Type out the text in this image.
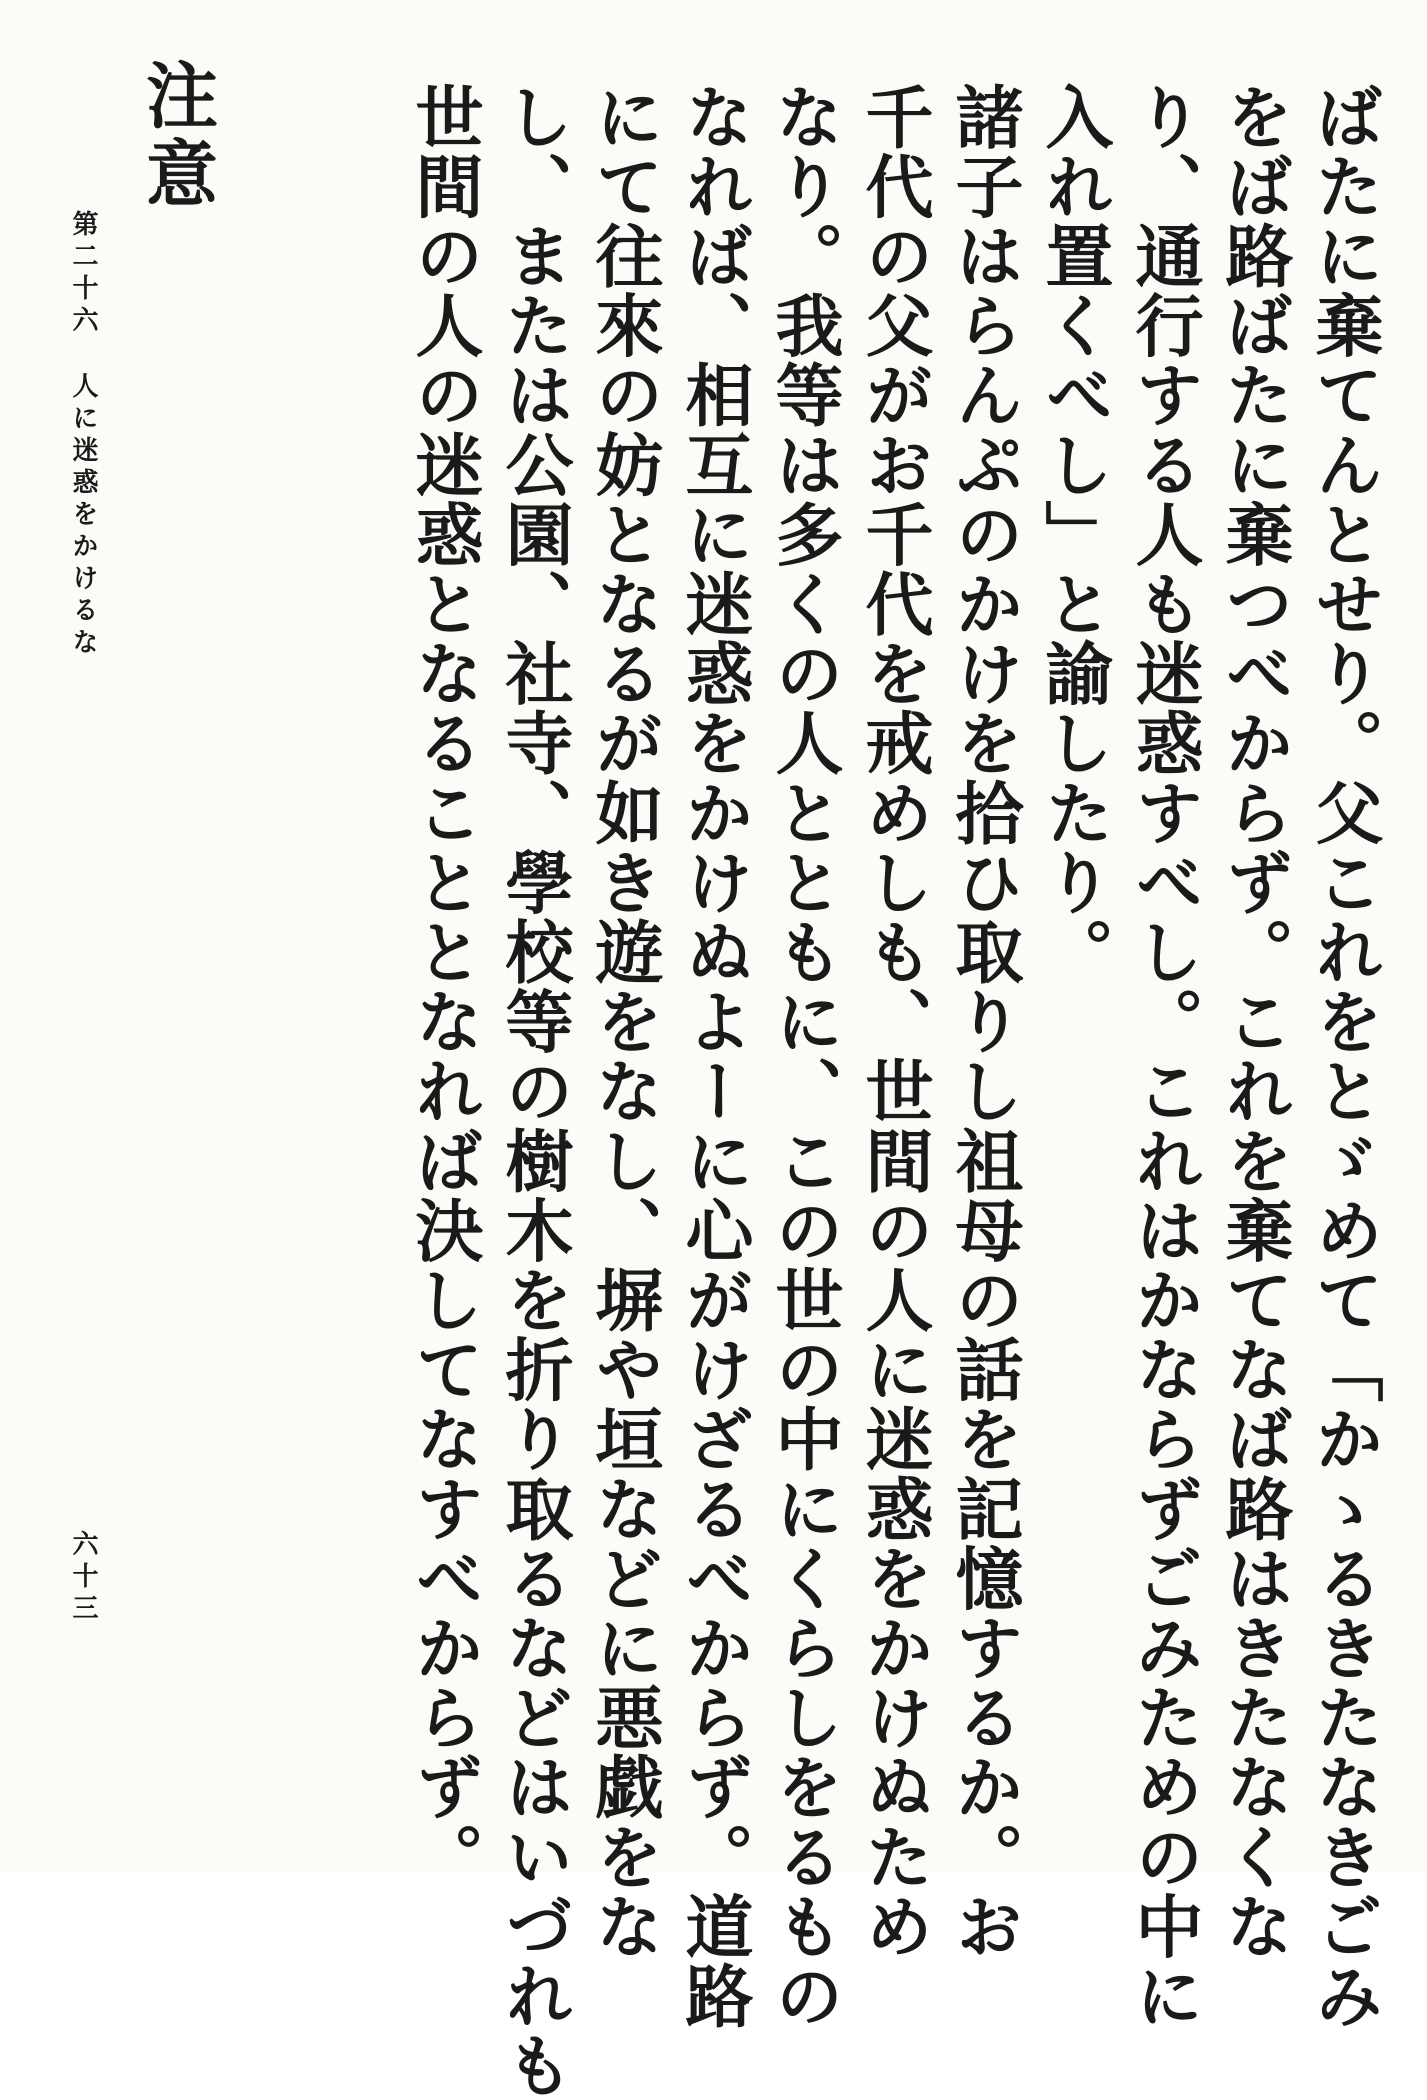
ばたに棄てんとせり。父これをとゞめて「かゝるきたなきごみ
をば路ばたに棄つべからず。これを棄てなば路はきたなくな
り、通行する人も迷惑すべし。これはかならずごみための中に
入れ置くべし」と諭したり。
諸子はらんぷのかけを拾ひ取りし祖母の話を記憶するか。お
千代の父がお千代を戒めしも、世間の人に迷惑をかけぬため
なり。我等は多くの人とともに、この世の中にくらしをるもの
なれば、相互に迷惑をかけぬよーに心がけざるべからず。道路
にて往來の妨となるが如き遊をなし、塀や垣などに悪戯をな
し、または公園、社寺、學校等の樹木を折り取るなどはいづれも
世間の人の迷惑となることとなれば決してなすべからず。
注意
第二十六人に迷惑をかけるな
六十三
